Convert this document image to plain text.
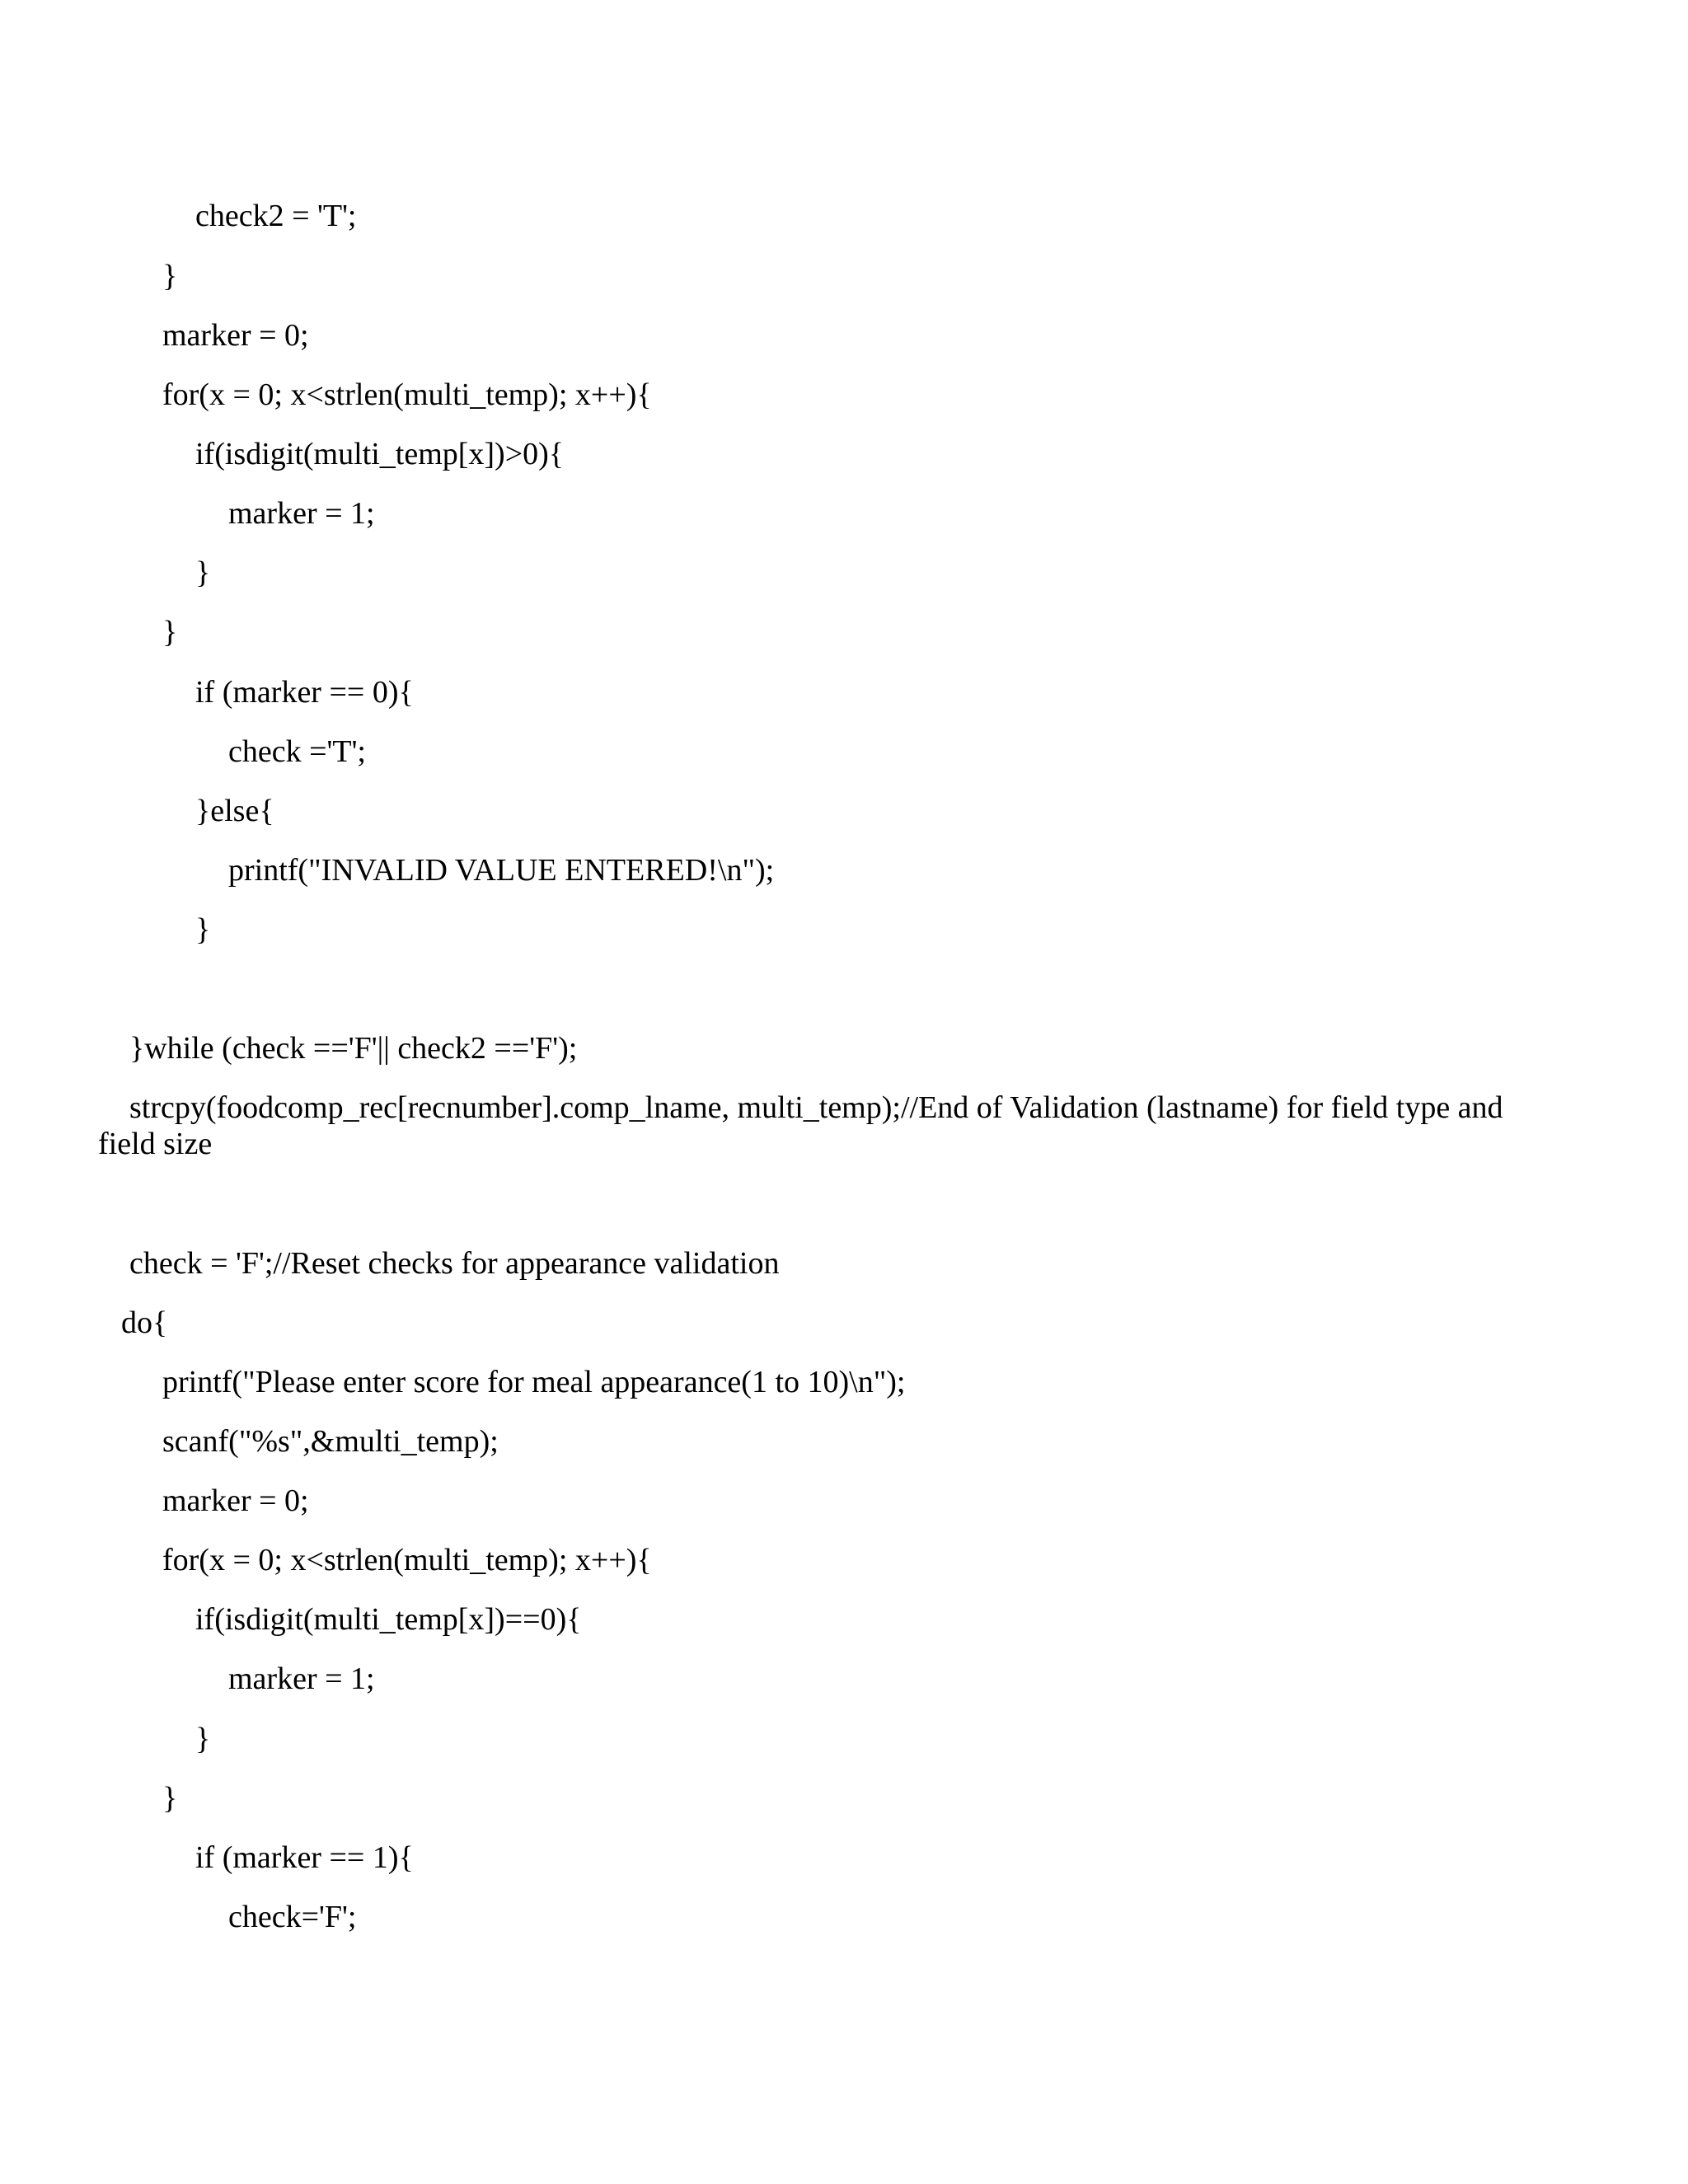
check2 = 'T';
}
marker = 0;
for(x = 0; x<strlen(multi_temp); x++){
if(isdigit(multi_temp[x])>0){
marker = 1;
}
}
if (marker == 0){
check ='T';
}else{
printf("INVALID VALUE ENTERED!\n");
}
}while (check =='F'|| check2 =='F');
strcpy(foodcomp_rec[recnumber].comp_lname, multi_temp);//End of Validation (lastname) for field type and
field size
check = 'F';//Reset checks for appearance validation
do{
printf("Please enter score for meal appearance(1 to 10)\n");
scanf("%s",&multi_temp);
marker = 0;
for(x = 0; x<strlen(multi_temp); x++){
if(isdigit(multi_temp[x])==0){
marker = 1;
}
}
if (marker == 1){
check='F';
